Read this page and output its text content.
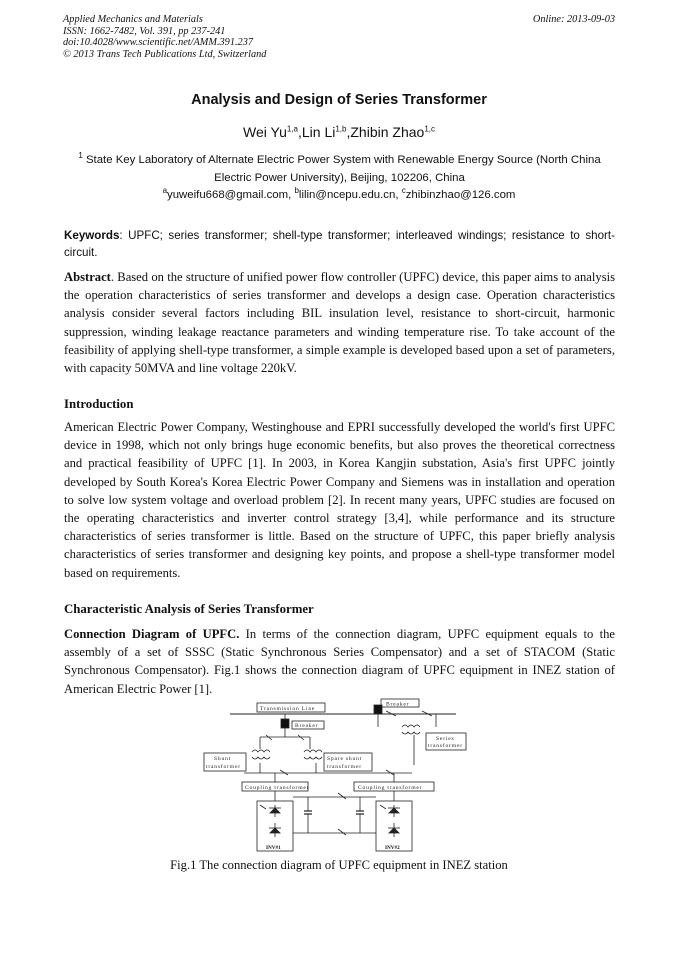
Applied Mechanics and Materials
ISSN: 1662-7482, Vol. 391, pp 237-241
doi:10.4028/www.scientific.net/AMM.391.237
© 2013 Trans Tech Publications Ltd, Switzerland
Online: 2013-09-03
Analysis and Design of Series Transformer
Wei Yu$^{1,a}$,Lin Li$^{1,b}$,Zhibin Zhao$^{1,c}$
$^1$ State Key Laboratory of Alternate Electric Power System with Renewable Energy Source (North China Electric Power University), Beijing, 102206, China
$^a$yuweifu668@gmail.com, $^b$lilin@ncepu.edu.cn, $^c$zhibinzhao@126.com
Keywords: UPFC; series transformer; shell-type transformer; interleaved windings; resistance to short-circuit.
Abstract. Based on the structure of unified power flow controller (UPFC) device, this paper aims to analysis the operation characteristics of series transformer and develops a design case. Operation characteristics analysis consider several factors including BIL insulation level, resistance to short-circuit, harmonic suppression, winding leakage reactance parameters and winding temperature rise. To take account of the feasibility of applying shell-type transformer, a simple example is developed based upon a set of parameters, with capacity 50MVA and line voltage 220kV.
Introduction
American Electric Power Company, Westinghouse and EPRI successfully developed the world's first UPFC device in 1998, which not only brings huge economic benefits, but also proves the theoretical correctness and practical feasibility of UPFC [1]. In 2003, in Korea Kangjin substation, Asia's first UPFC jointly developed by South Korea's Korea Electric Power Company and Siemens was in installation and operation to solve low system voltage and overload problem [2]. In recent many years, UPFC studies are focused on the operating characteristics and inverter control strategy [3,4], while performance and its structure characteristics of series transformer is little. Based on the structure of UPFC, this paper briefly analysis characteristics of series transformer and designing key points, and propose a shell-type transformer model based on requirements.
Characteristic Analysis of Series Transformer
Connection Diagram of UPFC. In terms of the connection diagram, UPFC equipment equals to the assembly of a set of SSSC (Static Synchronous Series Compensator) and a set of STACOM (Static Synchronous Compensator). Fig.1 shows the connection diagram of UPFC equipment in INEZ station of American Electric Power [1].
Transmission Line
Breaker
Breaker
Series
transformer
Shunt
transformer
Spare shunt
transformer
Coupling transformer	Coupling transformer
INV#1	INV#2
Fig.1 The connection diagram of UPFC equipment in INEZ station
